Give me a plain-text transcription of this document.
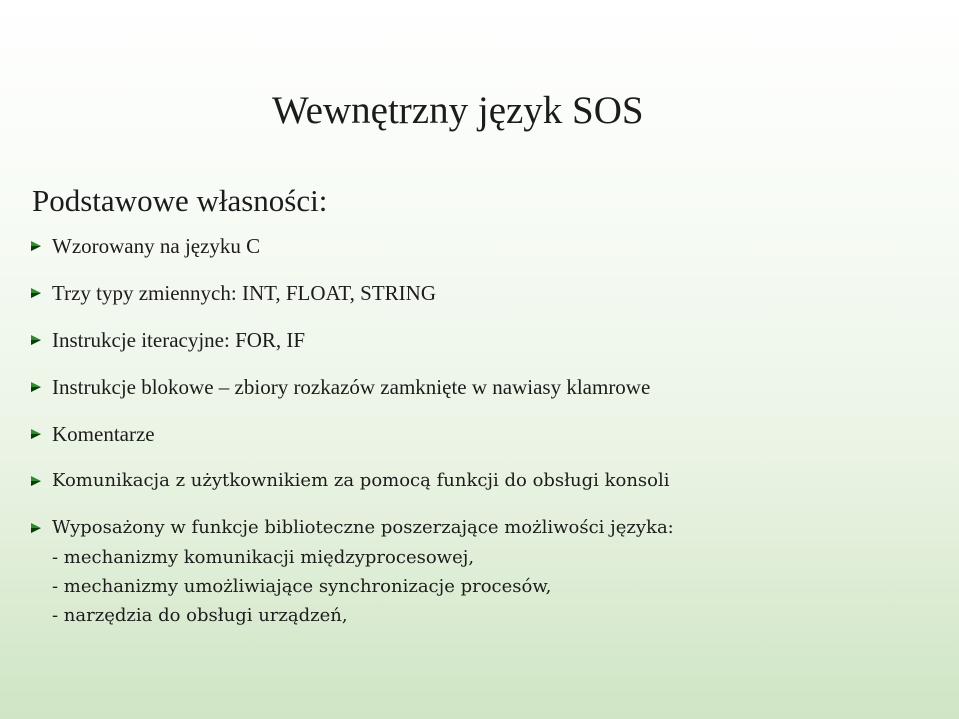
Wewnętrzny język SOS
Podstawowe własności:
Wzorowany na języku C
Trzy typy zmiennych: INT, FLOAT, STRING
Instrukcje iteracyjne: FOR, IF
Instrukcje blokowe – zbiory rozkazów zamknięte w nawiasy klamrowe
Komentarze
Komunikacja z użytkownikiem za pomocą funkcji do obsługi konsoli
Wyposażony w funkcje biblioteczne poszerzające możliwości języka:
- mechanizmy komunikacji międzyprocesowej,
- mechanizmy umożliwiające synchronizacje procesów,
- narzędzia do obsługi urządzeń,
